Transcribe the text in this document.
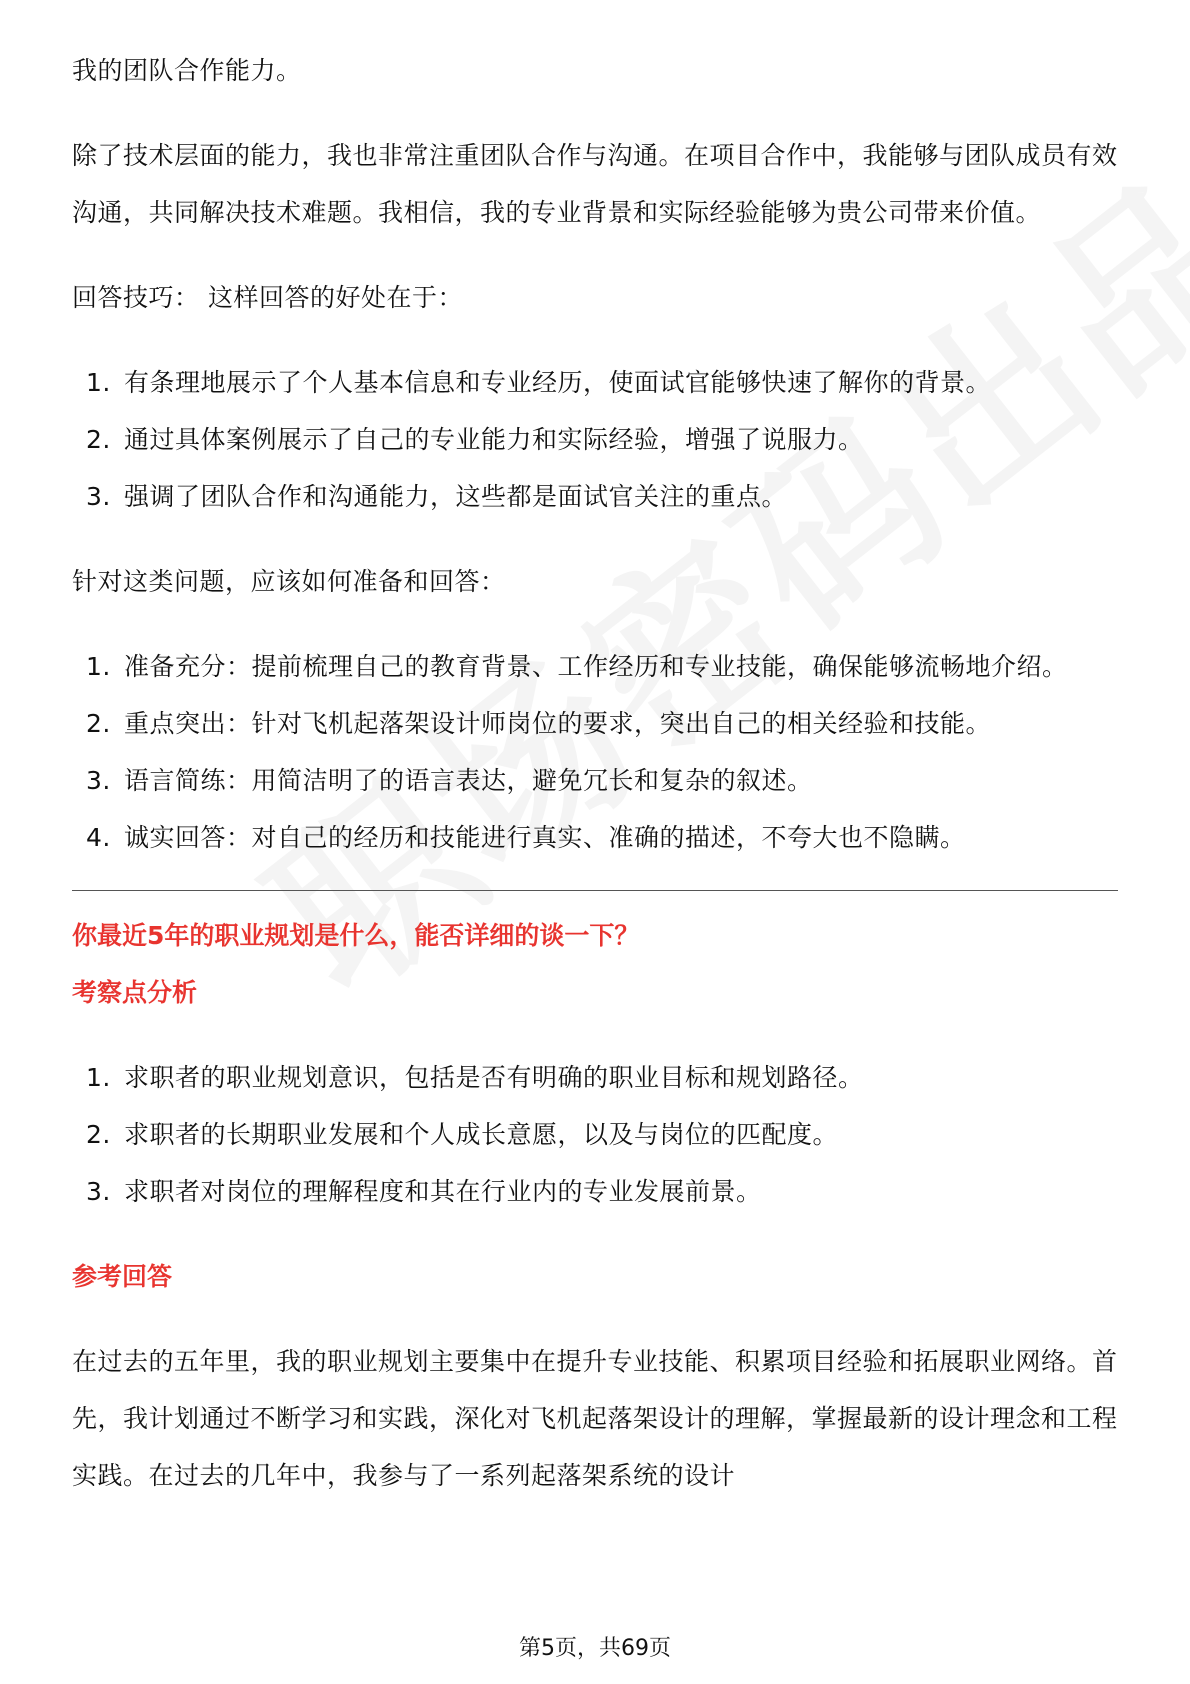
我的团队合作能力。

除了技术层面的能力，我也非常注重团队合作与沟通。在项目合作中，我能够与团队成员有效沟通，共同解决技术难题。我相信，我的专业背景和实际经验能够为贵公司带来价值。

回答技巧： 这样回答的好处在于：

1. 有条理地展示了个人基本信息和专业经历，使面试官能够快速了解你的背景。
2. 通过具体案例展示了自己的专业能力和实际经验，增强了说服力。
3. 强调了团队合作和沟通能力，这些都是面试官关注的重点。

针对这类问题，应该如何准备和回答：

1. 准备充分：提前梳理自己的教育背景、工作经历和专业技能，确保能够流畅地介绍。
2. 重点突出：针对飞机起落架设计师岗位的要求，突出自己的相关经验和技能。
3. 语言简练：用简洁明了的语言表达，避免冗长和复杂的叙述。
4. 诚实回答：对自己的经历和技能进行真实、准确的描述，不夸大也不隐瞒。

你最近5年的职业规划是什么，能否详细的谈一下？

考察点分析

1. 求职者的职业规划意识，包括是否有明确的职业目标和规划路径。
2. 求职者的长期职业发展和个人成长意愿，以及与岗位的匹配度。
3. 求职者对岗位的理解程度和其在行业内的专业发展前景。

参考回答

在过去的五年里，我的职业规划主要集中在提升专业技能、积累项目经验和拓展职业网络。首先，我计划通过不断学习和实践，深化对飞机起落架设计的理解，掌握最新的设计理念和工程实践。在过去的几年中，我参与了一系列起落架系统的设计

第5页，共69页
